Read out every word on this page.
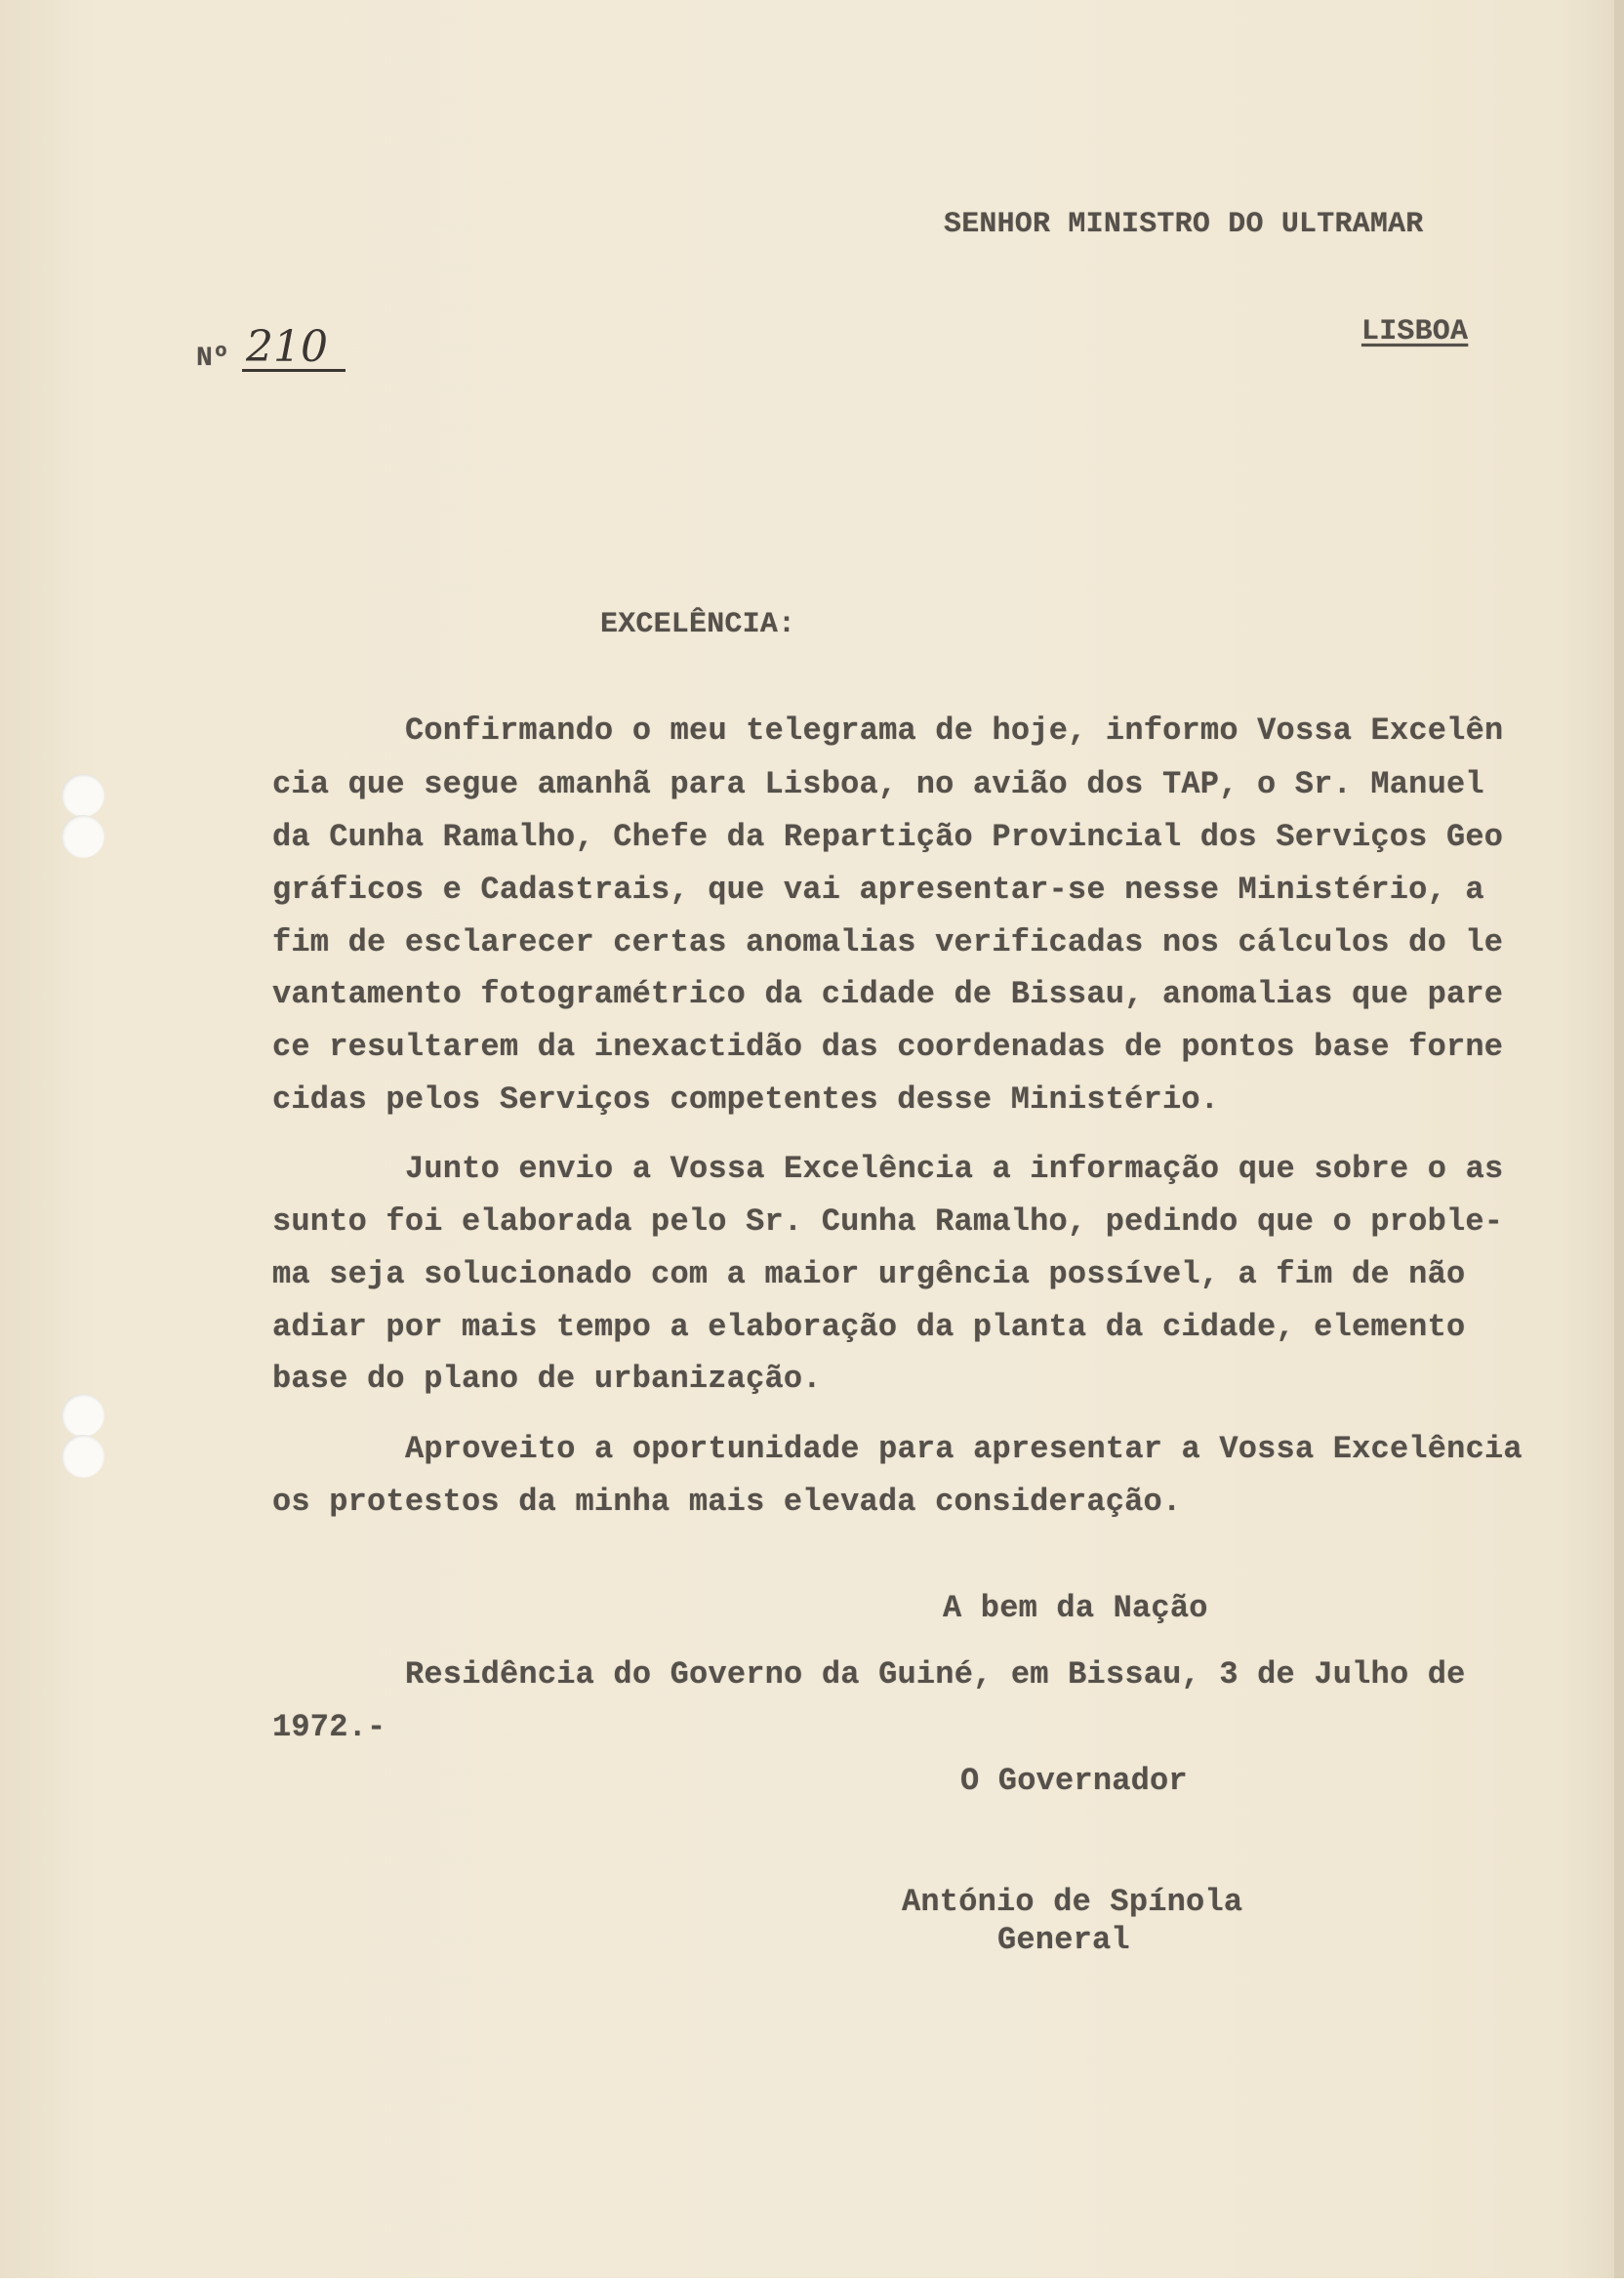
SENHOR MINISTRO DO ULTRAMAR
LISBOA
Nº 210
EXCELÊNCIA:
Confirmando o meu telegrama de hoje, informo Vossa Excelên
cia que segue amanhã para Lisboa, no avião dos TAP, o Sr. Manuel
da Cunha Ramalho, Chefe da Repartição Provincial dos Serviços Geo
gráficos e Cadastrais, que vai apresentar-se nesse Ministério, a
fim de esclarecer certas anomalias verificadas nos cálculos do le
vantamento fotogramétrico da cidade de Bissau, anomalias que pare
ce resultarem da inexactidão das coordenadas de pontos base forne
cidas pelos Serviços competentes desse Ministério.
Junto envio a Vossa Excelência a informação que sobre o as
sunto foi elaborada pelo Sr. Cunha Ramalho, pedindo que o proble-
ma seja solucionado com a maior urgência possível, a fim de não
adiar por mais tempo a elaboração da planta da cidade, elemento
base do plano de urbanização.
Aproveito a oportunidade para apresentar a Vossa Excelência
os protestos da minha mais elevada consideração.
A bem da Nação
Residência do Governo da Guiné, em Bissau, 3 de Julho de
1972.-
O Governador
António de Spínola
General
